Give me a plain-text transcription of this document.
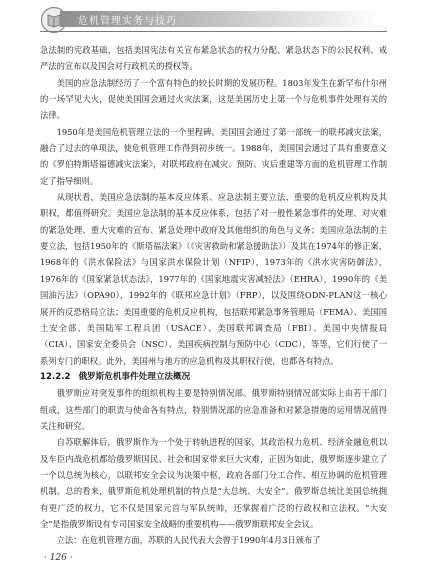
危机管理实务与技巧

急法制的宪政基础，包括美国宪法有关宣布紧急状态的权力分配、紧急状态下的公民权利、戒严法的宣布以及国会对行政机关的授权等。

美国的应急法制经历了一个富有特色的较长时期的发展历程。1803年发生在新罕布什尔州的一场罕见大火，促使美国国会通过火灾法案，这是美国历史上第一个与危机事件处理有关的法律。

1950年是美国危机管理立法的一个里程碑。美国国会通过了第一部统一的联邦减灾法案，融合了过去的单项法，使危机管理工作得到初步统一。1988年，美国国会通过了具有重要意义的《罗伯特斯塔福德减灾法案》，对联邦政府在减灾、预防、灾后重建等方面的危机管理工作制定了指导细则。

从现状看，美国应急法制的基本反应体系、应急法制主要立法、重要的危机反应机构及其职权，都值得研究。美国应急法制的基本反应体系，包括了对一般性紧急事件的处理、对灾难的紧急处理、重大灾难的宣布、紧急处理中政府及其他组织的角色与义务；美国应急法制的主要立法，包括1950年的《斯塔福法案》（《灾害救助和紧急援助法》）及其在1974年的修正案，1968年的《洪水保险法》与国家洪水保险计划（NFIP），1973年的《洪水灾害防御法》，1976年的《国家紧急状态法》，1977年的《国家地震灾害减轻法》（EHRA），1990年的《美国油污法》（OPA90），1992年的《联邦应急计划》（FRP），以及围绕ODN-PLAN这一核心展开的反恐格局立法；美国重要的危机反应机构，包括联邦紧急事务管理局（FEMA）、美国国土安全部、美国陆军工程兵团（USACE）、美国联邦调查局（FBI）、美国中央情报局（CIA）、国家安全委员会（NSC）、美国疾病控制与预防中心（CDC），等等，它们行使了一系列专门的职权。此外，美国州与地方的应急机构及其职权行使，也都各有特点。

12.2.2 俄罗斯危机事件处理立法概况

俄罗斯应对突发事件的组织机构主要是特别情况部。俄罗斯特别情况部实际上由若干部门组成，这些部门的职责与使命各有特点，特别情况部的应急准备和对紧急措施的运用情况值得关注和研究。

自苏联解体后，俄罗斯作为一个处于转轨进程的国家，其政治权力危机、经济金融危机以及车臣内战危机都给俄罗斯国民、社会和国家带来巨大灾难，正因为如此，俄罗斯逐步建立了一个以总统为核心，以联邦安全会议为决策中枢，政府各部门分工合作、相互协调的危机管理机制。总的看来，俄罗斯危机处理机制的特点是“大总统、大安全”。俄罗斯总统比美国总统拥有更广泛的权力，它不仅是国家元首与军队统帅，还掌握着广泛的行政权和立法权。“大安全”是指俄罗斯设有专司国家安全战略的重要机构——俄罗斯联邦安全会议。

立法：在危机管理方面，苏联的人民代表大会曾于1990年4月3日颁布了

· 126 ·
